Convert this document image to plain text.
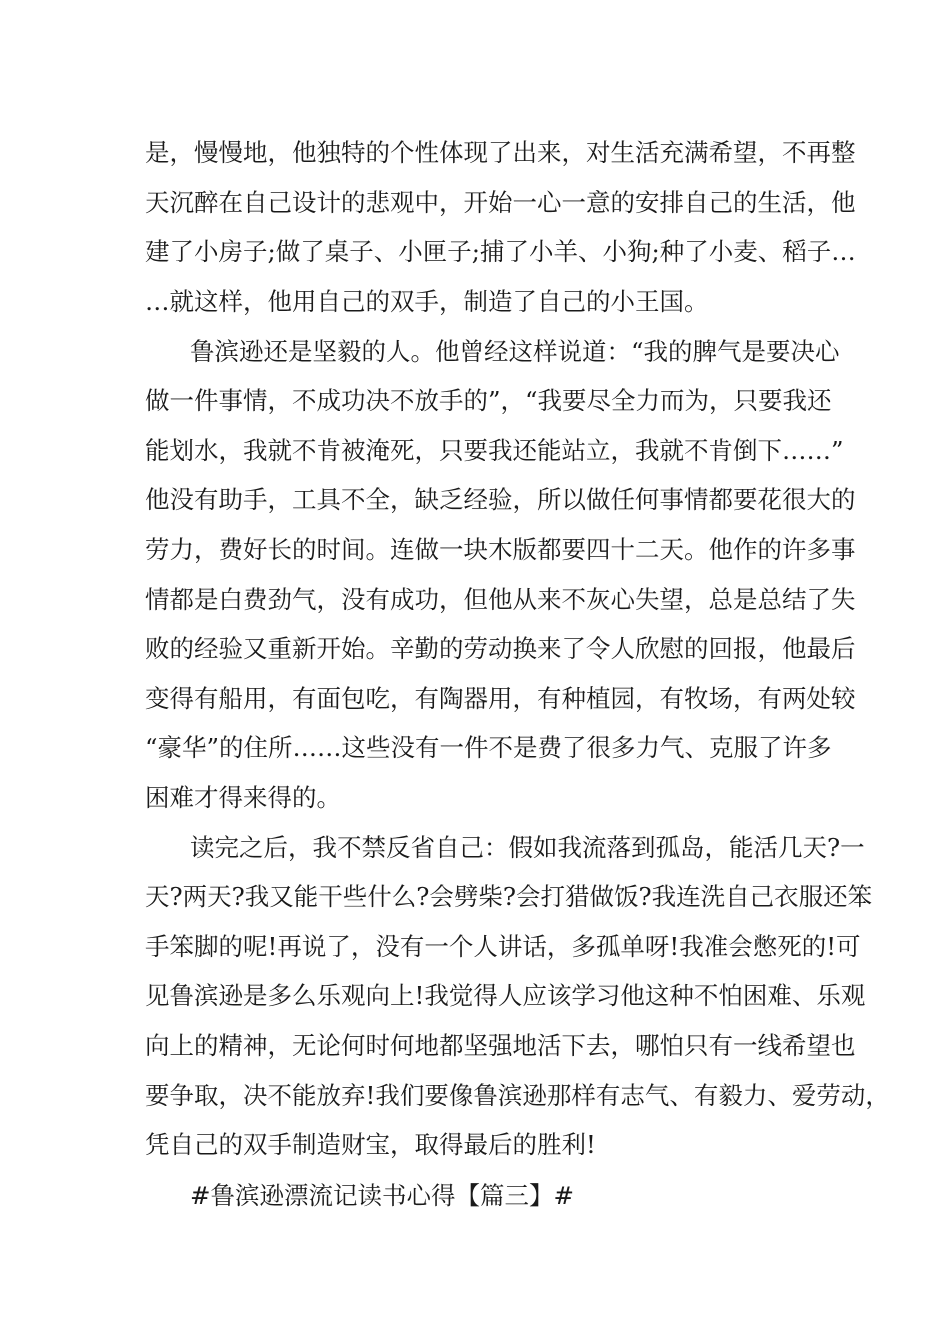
是，慢慢地，他独特的个性体现了出来，对生活充满希望，不再整
天沉醉在自己设计的悲观中，开始一心一意的安排自己的生活，他
建了小房子;做了桌子、小匣子;捕了小羊、小狗;种了小麦、稻子…
…就这样，他用自己的双手，制造了自己的小王国。
鲁滨逊还是坚毅的人。他曾经这样说道：“我的脾气是要决心
做一件事情，不成功决不放手的”，“我要尽全力而为，只要我还
能划水，我就不肯被淹死，只要我还能站立，我就不肯倒下……”
他没有助手，工具不全，缺乏经验，所以做任何事情都要花很大的
劳力，费好长的时间。连做一块木版都要四十二天。他作的许多事
情都是白费劲气，没有成功，但他从来不灰心失望，总是总结了失
败的经验又重新开始。辛勤的劳动换来了令人欣慰的回报，他最后
变得有船用，有面包吃，有陶器用，有种植园，有牧场，有两处较
“豪华”的住所……这些没有一件不是费了很多力气、克服了许多
困难才得来得的。
读完之后，我不禁反省自己：假如我流落到孤岛，能活几天?一
天?两天?我又能干些什么?会劈柴?会打猎做饭?我连洗自己衣服还笨
手笨脚的呢!再说了，没有一个人讲话，多孤单呀!我准会憋死的!可
见鲁滨逊是多么乐观向上!我觉得人应该学习他这种不怕困难、乐观
向上的精神，无论何时何地都坚强地活下去，哪怕只有一线希望也
要争取，决不能放弃!我们要像鲁滨逊那样有志气、有毅力、爱劳动，
凭自己的双手制造财宝，取得最后的胜利!
#鲁滨逊漂流记读书心得【篇三】#
